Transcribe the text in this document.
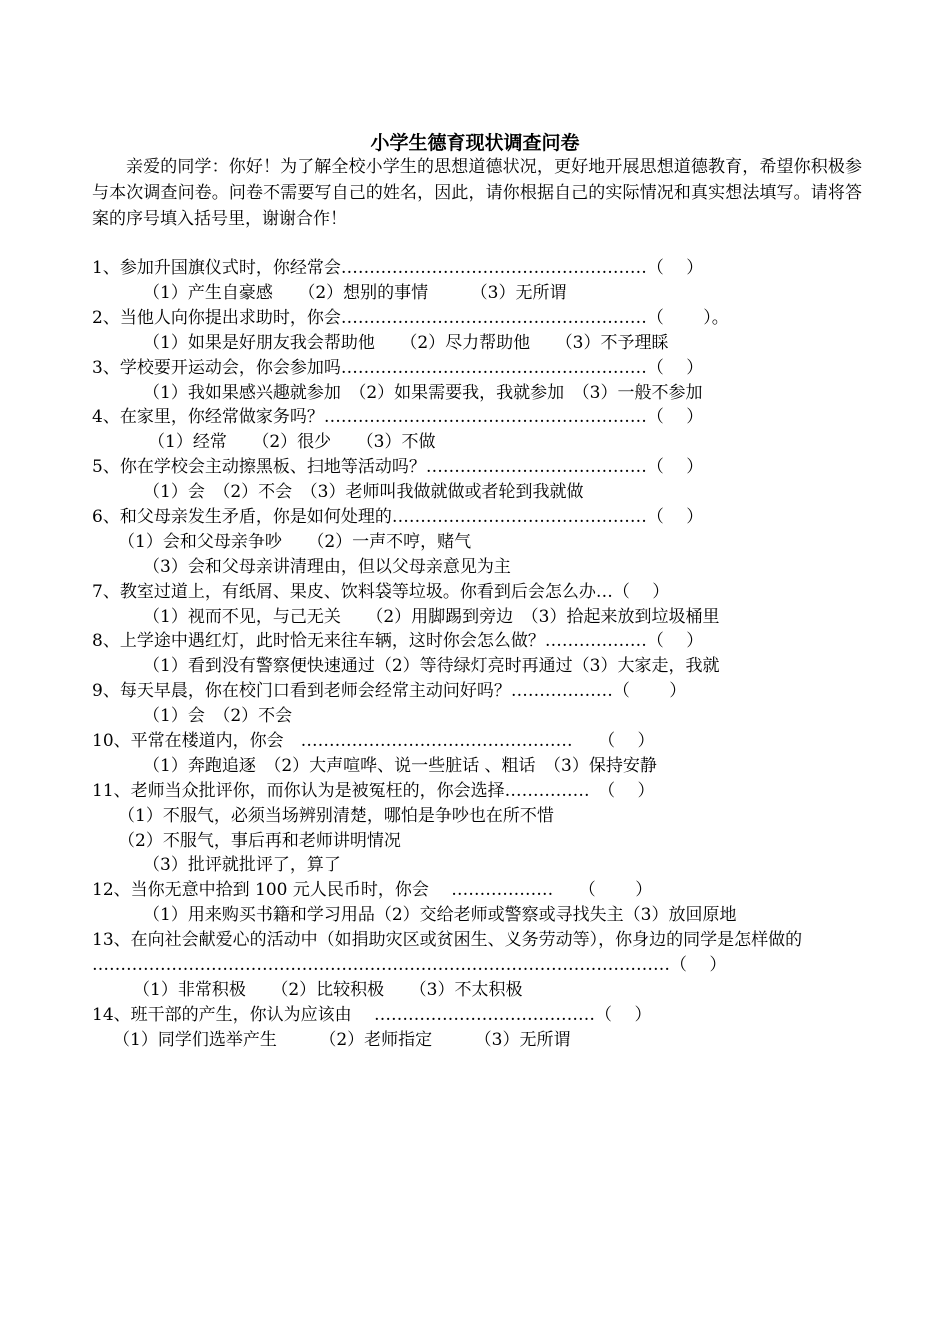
小学生德育现状调查问卷

亲爱的同学：你好！为了解全校小学生的思想道德状况，更好地开展思想道德教育，希望你积极参与本次调查问卷。问卷不需要写自己的姓名，因此，请你根据自己的实际情况和真实想法填写。请将答案的序号填入括号里，谢谢合作！

1、参加升国旗仪式时，你经常会………………………………………………（　 ）
（1）产生自豪感　　（2）想别的事情　　　（3）无所谓
2、当他人向你提出求助时，你会………………………………………………（　　 ）。
（1）如果是好朋友我会帮助他　　（2）尽力帮助他　　（3）不予理睬
3、学校要开运动会，你会参加吗………………………………………………（　 ）
（1）我如果感兴趣就参加　（2）如果需要我，我就参加　（3）一般不参加
4、在家里，你经常做家务吗？…………………………………………………（　 ）
（1）经常　　（2）很少　　（3）不做
5、你在学校会主动擦黑板、扫地等活动吗？…………………………………（　 ）
（1）会　（2）不会　（3）老师叫我做就做或者轮到我就做
6、和父母亲发生矛盾，你是如何处理的………………………………………（　 ）
（1）会和父母亲争吵　　（2）一声不哼，赌气
（3）会和父母亲讲清理由，但以父母亲意见为主
7、教室过道上，有纸屑、果皮、饮料袋等垃圾。你看到后会怎么办…（　 ）
（1）视而不见，与己无关　　（2）用脚踢到旁边　（3）拾起来放到垃圾桶里
8、上学途中遇红灯，此时恰无来往车辆，这时你会怎么做？………………（　 ）
（1）看到没有警察便快速通过（2）等待绿灯亮时再通过（3）大家走，我就
9、每天早晨，你在校门口看到老师会经常主动问好吗？………………（　　 ）
（1）会　（2）不会
10、平常在楼道内，你会　…………………………………………　　（　 ）
（1）奔跑追逐　（2）大声喧哗、说一些脏话 、粗话　（3）保持安静
11、老师当众批评你，而你认为是被冤枉的，你会选择……………　（　 ）
（1）不服气，必须当场辨别清楚，哪怕是争吵也在所不惜
（2）不服气，事后再和老师讲明情况
（3）批评就批评了，算了
12、当你无意中拾到 100 元人民币时，你会　 ………………　　（　　 ）
（1）用来购买书籍和学习用品（2）交给老师或警察或寻找失主（3）放回原地
13、在向社会献爱心的活动中（如捐助灾区或贫困生、义务劳动等），你身边的同学是怎样做的
…………………………………………………………………………………………（　 ）
（1）非常积极　　（2）比较积极　　（3）不太积极
14、班干部的产生，你认为应该由　 …………………………………（　 ）
（1）同学们选举产生　　　（2）老师指定　　　（3）无所谓
